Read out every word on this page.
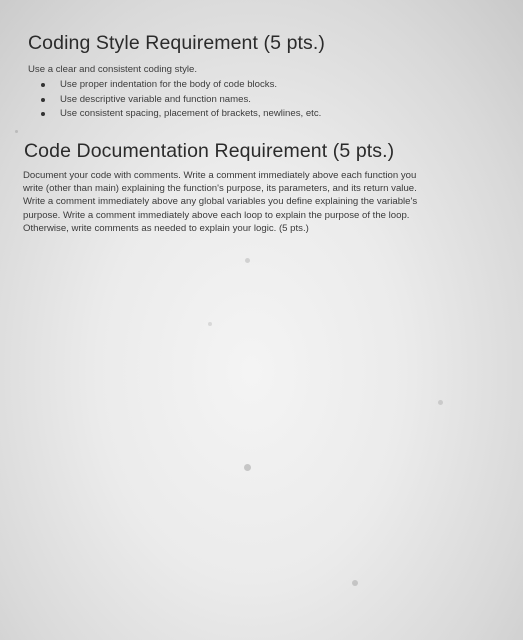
Coding Style Requirement (5 pts.)
Use a clear and consistent coding style.
Use proper indentation for the body of code blocks.
Use descriptive variable and function names.
Use consistent spacing, placement of brackets, newlines, etc.
Code Documentation Requirement (5 pts.)

Document your code with comments. Write a comment immediately above each function you
write (other than main) explaining the function's purpose, its parameters, and its return value.
Write a comment immediately above any global variables you define explaining the variable's
purpose. Write a comment immediately above each loop to explain the purpose of the loop.
Otherwise, write comments as needed to explain your logic. (5 pts.)
